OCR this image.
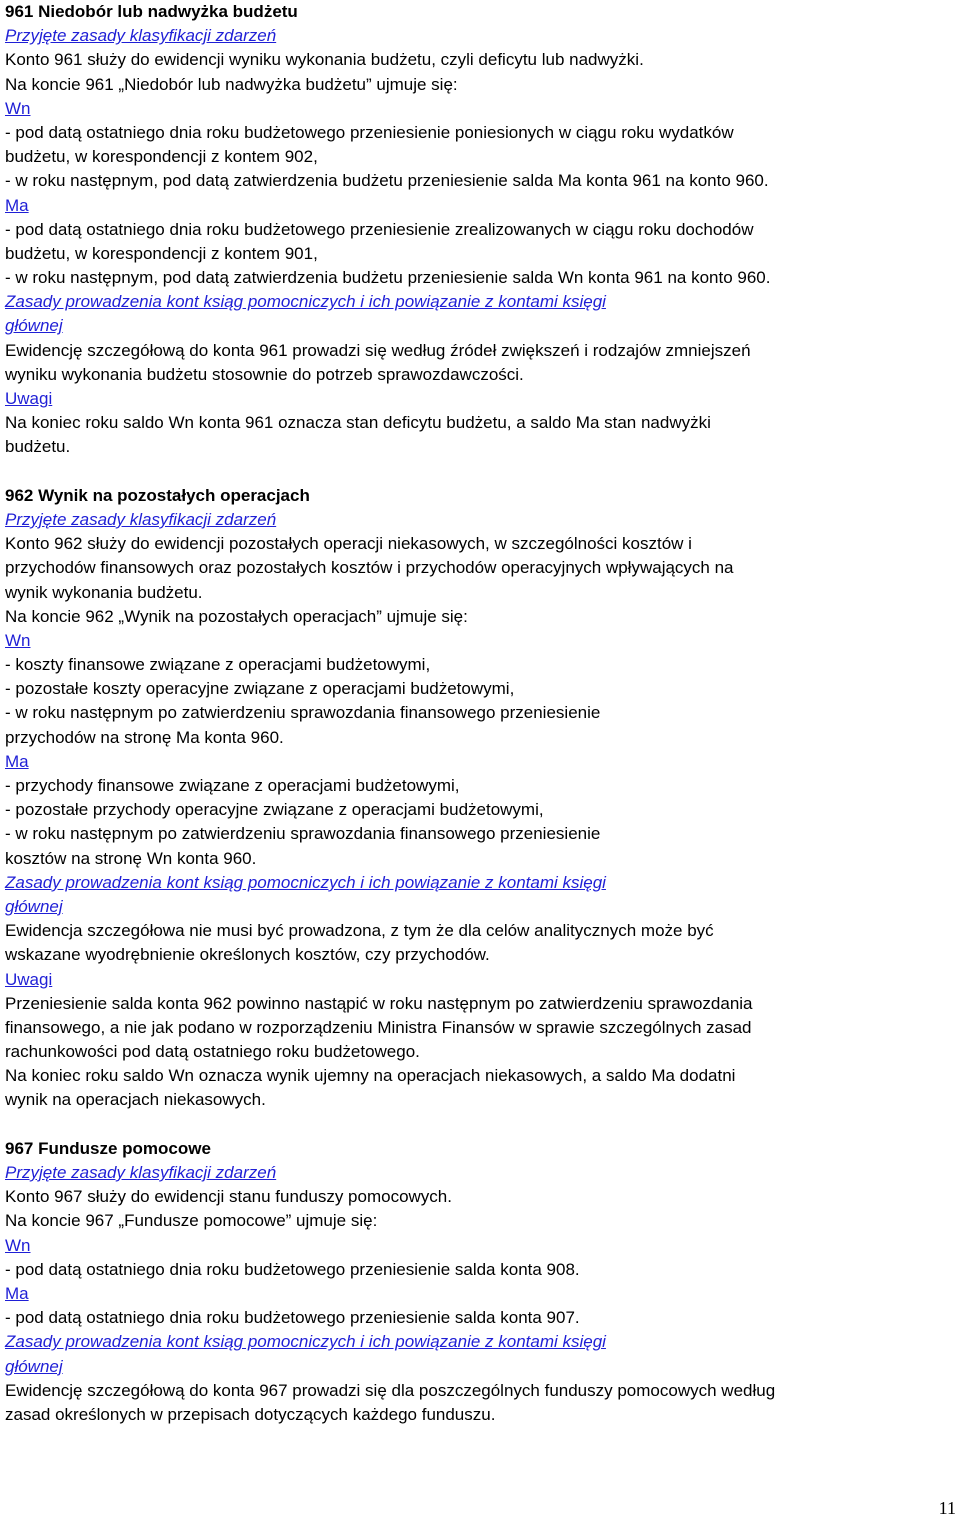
961 Niedobór lub nadwyżka budżetu
Przyjęte zasady klasyfikacji zdarzeń
Konto 961 służy do ewidencji wyniku wykonania budżetu, czyli deficytu lub nadwyżki.
Na koncie 961 „Niedobór lub nadwyżka budżetu” ujmuje się:
Wn
- pod datą ostatniego dnia roku budżetowego przeniesienie poniesionych w ciągu roku wydatków
budżetu, w korespondencji z kontem 902,
- w roku następnym, pod datą zatwierdzenia budżetu przeniesienie salda Ma konta 961 na konto 960.
Ma
- pod datą ostatniego dnia roku budżetowego przeniesienie zrealizowanych w ciągu roku dochodów
budżetu, w korespondencji z kontem 901,
- w roku następnym, pod datą zatwierdzenia budżetu przeniesienie salda Wn konta 961 na konto 960.
Zasady prowadzenia kont ksiąg pomocniczych i ich powiązanie z kontami księgi
głównej
Ewidencję szczegółową do konta 961 prowadzi się według źródeł zwiększeń i rodzajów zmniejszeń
wyniku wykonania budżetu stosownie do potrzeb sprawozdawczości.
Uwagi
Na koniec roku saldo Wn konta 961 oznacza stan deficytu budżetu, a saldo Ma stan nadwyżki
budżetu.
962 Wynik na pozostałych operacjach
Przyjęte zasady klasyfikacji zdarzeń
Konto 962 służy do ewidencji pozostałych operacji niekasowych, w szczególności kosztów i
przychodów finansowych oraz pozostałych kosztów i przychodów operacyjnych wpływających na
wynik wykonania budżetu.
Na koncie 962 „Wynik na pozostałych operacjach” ujmuje się:
Wn
- koszty finansowe związane z operacjami budżetowymi,
- pozostałe koszty operacyjne związane z operacjami budżetowymi,
- w roku następnym po zatwierdzeniu sprawozdania finansowego przeniesienie
przychodów na stronę Ma konta 960.
Ma
- przychody finansowe związane z operacjami budżetowymi,
- pozostałe przychody operacyjne związane z operacjami budżetowymi,
- w roku następnym po zatwierdzeniu sprawozdania finansowego przeniesienie
kosztów na stronę Wn konta 960.
Zasady prowadzenia kont ksiąg pomocniczych i ich powiązanie z kontami księgi
głównej
Ewidencja szczegółowa nie musi być prowadzona, z tym że dla celów analitycznych może być
wskazane wyodrębnienie określonych kosztów, czy przychodów.
Uwagi
Przeniesienie salda konta 962 powinno nastąpić w roku następnym po zatwierdzeniu sprawozdania
finansowego, a nie jak podano w rozporządzeniu Ministra Finansów w sprawie szczególnych zasad
rachunkowości pod datą ostatniego roku budżetowego.
Na koniec roku saldo Wn oznacza wynik ujemny na operacjach niekasowych, a saldo Ma dodatni
wynik na operacjach niekasowych.
967 Fundusze pomocowe
Przyjęte zasady klasyfikacji zdarzeń
Konto 967 służy do ewidencji stanu funduszy pomocowych.
Na koncie 967 „Fundusze pomocowe” ujmuje się:
Wn
- pod datą ostatniego dnia roku budżetowego przeniesienie salda konta 908.
Ma
- pod datą ostatniego dnia roku budżetowego przeniesienie salda konta 907.
Zasady prowadzenia kont ksiąg pomocniczych i ich powiązanie z kontami księgi
głównej
Ewidencję szczegółową do konta 967 prowadzi się dla poszczególnych funduszy pomocowych według
zasad określonych w przepisach dotyczących każdego funduszu.
11
